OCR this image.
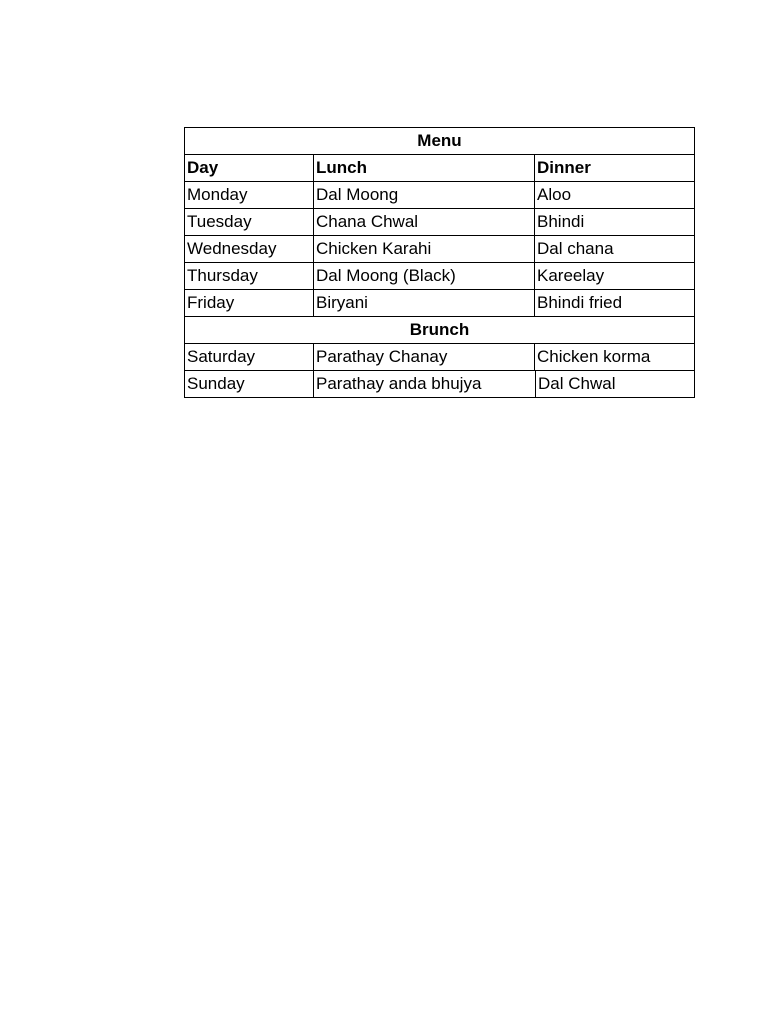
Menu
Day	Lunch	Dinner
Monday	Dal Moong	Aloo
Tuesday	Chana Chwal	Bhindi
Wednesday	Chicken Karahi	Dal chana
Thursday	Dal Moong (Black)	Kareelay
Friday	Biryani	Bhindi fried
Brunch
Saturday	Parathay Chanay	Chicken korma
Sunday	Parathay anda bhujya	Dal Chwal
